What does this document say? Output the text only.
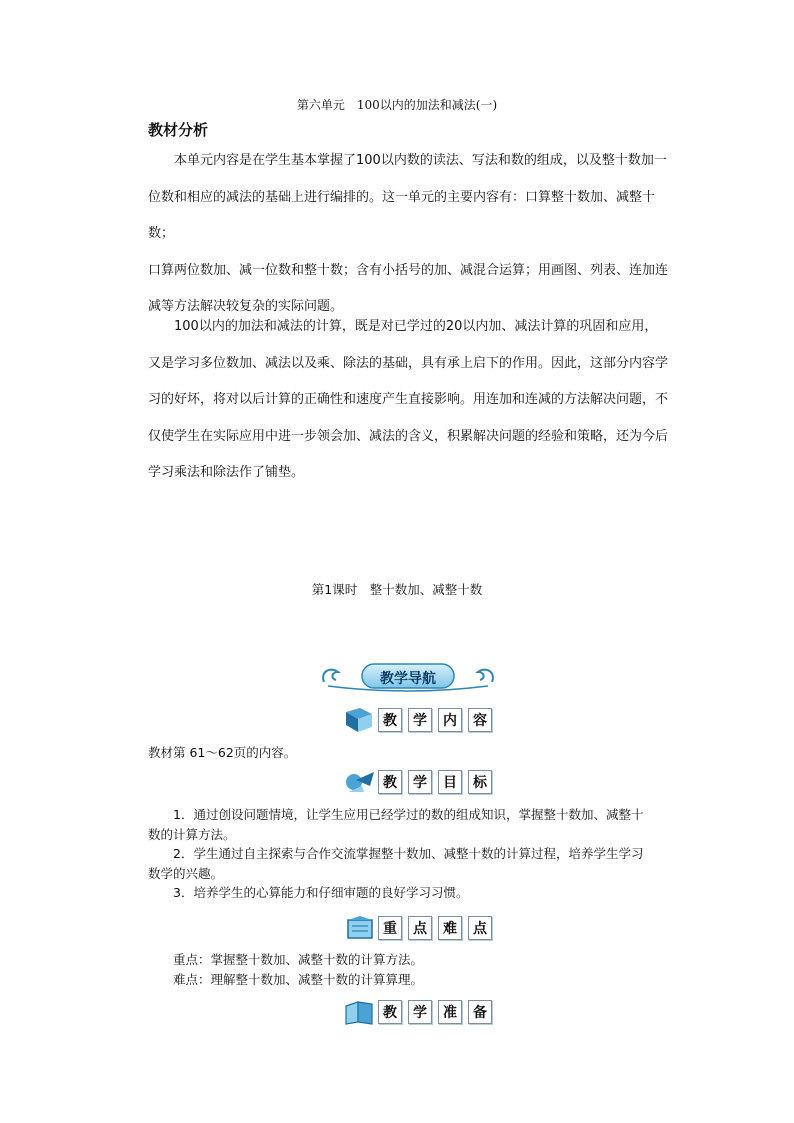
第六单元　100以内的加法和减法(一)
教材分析
　　本单元内容是在学生基本掌握了100以内数的读法、写法和数的组成，以及整十数加一
位数和相应的减法的基础上进行编排的。这一单元的主要内容有：口算整十数加、减整十数；
口算两位数加、减一位数和整十数；含有小括号的加、减混合运算；用画图、列表、连加连
减等方法解决较复杂的实际问题。
　　100以内的加法和减法的计算，既是对已学过的20以内加、减法计算的巩固和应用，
又是学习多位数加、减法以及乘、除法的基础，具有承上启下的作用。因此，这部分内容学
习的好坏，将对以后计算的正确性和速度产生直接影响。用连加和连减的方法解决问题，不
仅使学生在实际应用中进一步领会加、减法的含义，积累解决问题的经验和策略，还为今后
学习乘法和除法作了铺垫。
第1课时　整十数加、减整十数
教学导航
教	学	内	容
教材第 61～62页的内容。
教	学	目	标
　　1．通过创设问题情境，让学生应用已经学过的数的组成知识，掌握整十数加、减整十
数的计算方法。
　　2．学生通过自主探索与合作交流掌握整十数加、减整十数的计算过程，培养学生学习
数学的兴趣。
　　3．培养学生的心算能力和仔细审题的良好学习习惯。
重	点	难	点
　　重点：掌握整十数加、减整十数的计算方法。
　　难点：理解整十数加、减整十数的计算算理。
教	学	准	备
